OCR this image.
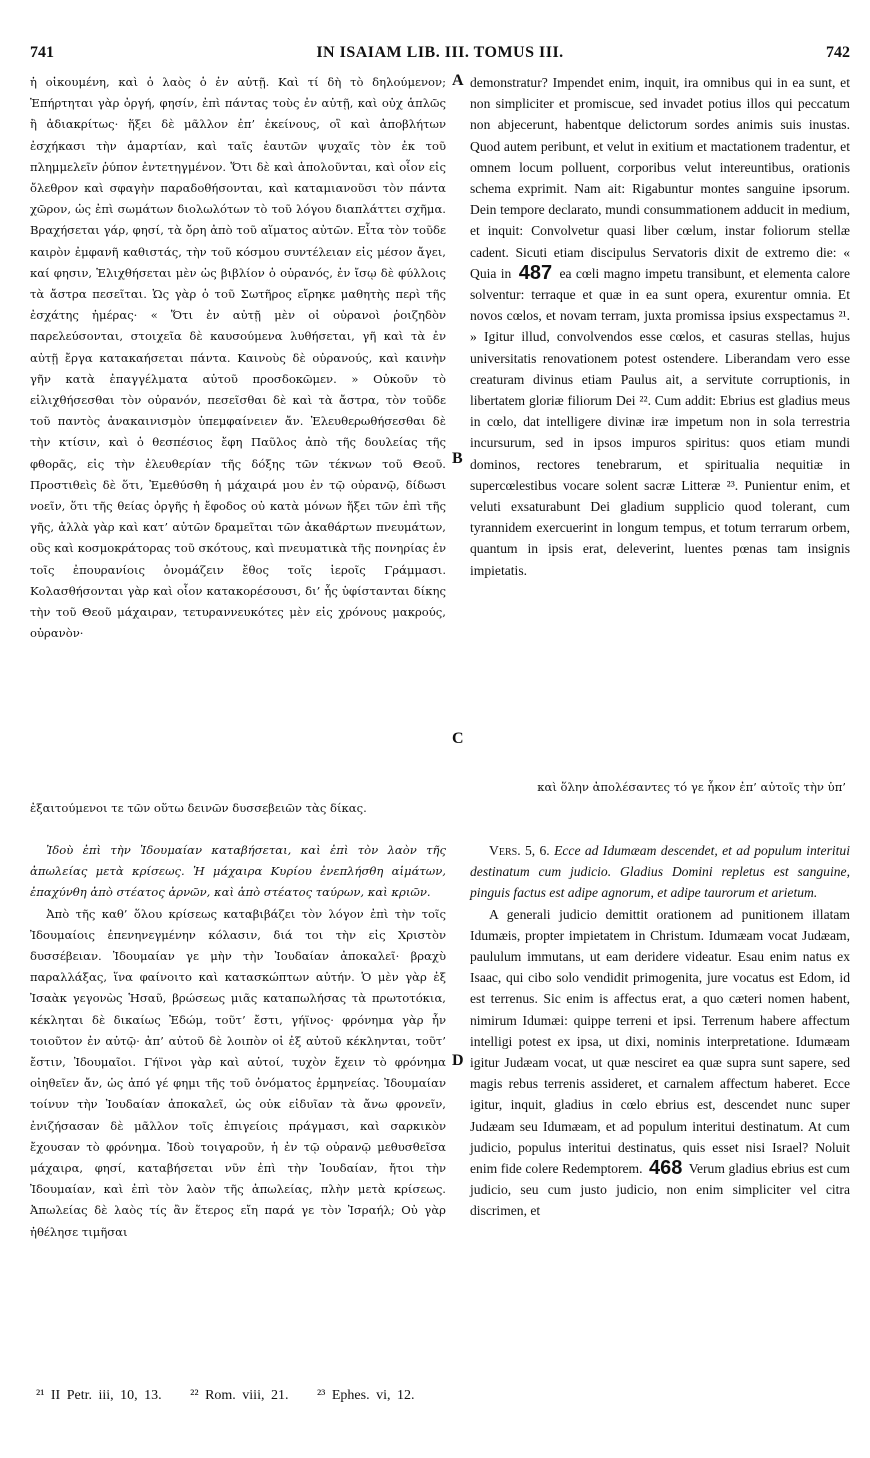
741	IN ISAIAM LIB. III. TOMUS III.	742

ἡ οἰκουμένη, καὶ ὁ λαὸς ὁ ἐν αὐτῇ. Καὶ τί δὴ τὸ δηλούμενον; Ἐπήρτηται γὰρ ὀργή, φησίν, ἐπὶ πάντας τοὺς ἐν αὐτῇ, καὶ οὐχ ἁπλῶς ἢ ἀδιακρίτως· ἥξει δὲ μᾶλλον ἐπ’ ἐκείνους, οἳ καὶ ἀποβλήτων ἐσχήκασι τὴν ἁμαρτίαν, καὶ ταῖς ἑαυτῶν ψυχαῖς τὸν ἐκ τοῦ πλημμελεῖν ῥύπον ἐντετηγμένον. Ὅτι δὲ καὶ ἀπολοῦνται, καὶ οἷον εἰς ὄλεθρον καὶ σφαγὴν παραδοθήσονται, καὶ καταμιανοῦσι τὸν πάντα χῶρον, ὡς ἐπὶ σωμάτων διολωλότων τὸ τοῦ λόγου διαπλάττει σχῆμα. Βραχήσεται γάρ, φησί, τὰ ὄρη ἀπὸ τοῦ αἵματος αὐτῶν. Εἶτα τὸν τοῦδε καιρὸν ἐμφανῆ καθιστάς, τὴν τοῦ κόσμου συντέλειαν εἰς μέσον ἄγει, καί φησιν, Ἑλιχθήσεται μὲν ὡς βιβλίον ὁ οὐρανός, ἐν ἴσῳ δὲ φύλλοις τὰ ἄστρα πεσεῖται. Ὡς γὰρ ὁ τοῦ Σωτῆρος εἴρηκε μαθητὴς περὶ τῆς ἐσχάτης ἡμέρας· « Ὅτι ἐν αὐτῇ μὲν οἱ οὐρανοὶ ῥοιζηδὸν παρελεύσονται, στοιχεῖα δὲ καυσούμενα λυθήσεται, γῆ καὶ τὰ ἐν αὐτῇ ἔργα κατακαήσεται πάντα. Καινοὺς δὲ οὐρανούς, καὶ καινὴν γῆν κατὰ ἐπαγγέλματα αὐτοῦ προσδοκῶμεν. » Οὐκοῦν τὸ εἰλιχθήσεσθαι τὸν οὐρανόν, πεσεῖσθαι δὲ καὶ τὰ ἄστρα, τὸν τοῦδε τοῦ παντὸς ἀνακαινισμὸν ὑπεμφαίνειεν ἄν. Ἐλευθερωθήσεσθαι δὲ τὴν κτίσιν, καὶ ὁ θεσπέσιος ἔφη Παῦλος ἀπὸ τῆς δουλείας τῆς φθορᾶς, εἰς τὴν ἐλευθερίαν τῆς δόξης τῶν τέκνων τοῦ Θεοῦ. Προστιθεὶς δὲ ὅτι, Ἐμεθύσθη ἡ μάχαιρά μου ἐν τῷ οὐρανῷ, δίδωσι νοεῖν, ὅτι τῆς θείας ὀργῆς ἡ ἔφοδος οὐ κατὰ μόνων ἥξει τῶν ἐπὶ τῆς γῆς, ἀλλὰ γὰρ καὶ κατ’ αὐτῶν δραμεῖται τῶν ἀκαθάρτων πνευμάτων, οὓς καὶ κοσμοκράτορας τοῦ σκότους, καὶ πνευματικὰ τῆς πονηρίας ἐν τοῖς ἐπουρανίοις ὀνομάζειν ἔθος τοῖς ἱεροῖς Γράμμασι. Κολασθήσονται γὰρ καὶ οἷον κατακορέσουσι, δι’ ἧς ὑφίστανται δίκης τὴν τοῦ Θεοῦ μάχαιραν, τετυραννευκότες μὲν εἰς χρόνους μακρούς, οὐρανὸν·

A
B
C
D

demonstratur? Impendet enim, inquit, ira omnibus qui in ea sunt, et non simpliciter et promiscue, sed invadet potius illos qui peccatum non abjecerunt, habentque delictorum sordes animis suis inustas. Quod autem peribunt, et velut in exitium et mactationem tradentur, et omnem locum polluent, corporibus velut intereuntibus, orationis schema exprimit. Nam ait: Rigabuntur montes sanguine ipsorum. Dein tempore declarato, mundi consummationem adducit in medium, et inquit: Convolvetur quasi liber cœlum, instar foliorum stellæ cadent. Sicuti etiam discipulus Servatoris dixit de extremo die: « Quia in 487 ea cœli magno impetu transibunt, et elementa calore solventur: terraque et quæ in ea sunt opera, exurentur omnia. Et novos cœlos, et novam terram, juxta promissa ipsius exspectamus ²¹. » Igitur illud, convolvendos esse cœlos, et casuras stellas, hujus universitatis renovationem potest ostendere. Liberandam vero esse creaturam divinus etiam Paulus ait, a servitute corruptionis, in libertatem gloriæ filiorum Dei ²². Cum addit: Ebrius est gladius meus in cœlo, dat intelligere divinæ iræ impetum non in sola terrestria incursurum, sed in ipsos impuros spiritus: quos etiam mundi dominos, rectores tenebrarum, et spiritualia nequitiæ in supercœlestibus vocare solent sacræ Litteræ ²³. Punientur enim, et veluti exsaturabunt Dei gladium supplicio quod tolerant, cum tyrannidem exercuerint in longum tempus, et totum terrarum orbem, quantum in ipsis erat, deleverint, luentes pœnas tam insignis impietatis.

καὶ ὅλην ἀπολέσαντες τό γε ἧκον ἐπ’ αὐτοῖς τὴν ὑπ’
ἐξαιτούμενοι τε τῶν οὕτω δεινῶν δυσσεβειῶν τὰς δίκας.

Ἰδοὺ ἐπὶ τὴν Ἰδουμαίαν καταβήσεται, καὶ ἐπὶ τὸν λαὸν τῆς ἀπωλείας μετὰ κρίσεως. Ἡ μάχαιρα Κυρίου ἐνεπλήσθη αἱμάτων, ἐπαχύνθη ἀπὸ στέατος ἀρνῶν, καὶ ἀπὸ στέατος ταύρων, καὶ κριῶν.

Ἀπὸ τῆς καθ’ ὅλου κρίσεως καταβιβάζει τὸν λόγον ἐπὶ τὴν τοῖς Ἰδουμαίοις ἐπενηνεγμένην κόλασιν, διά τοι τὴν εἰς Χριστὸν δυσσέβειαν. Ἰδουμαίαν γε μὴν τὴν Ἰουδαίαν ἀποκαλεῖ· βραχὺ παραλλάξας, ἵνα φαίνοιτο καὶ κατασκώπτων αὐτήν. Ὁ μὲν γὰρ ἐξ Ἰσαὰκ γεγονὼς Ἡσαῦ, βρώσεως μιᾶς καταπωλήσας τὰ πρωτοτόκια, κέκληται δὲ δικαίως Ἐδώμ, τοῦτ’ ἔστι, γήϊνος· φρόνημα γὰρ ἦν τοιοῦτον ἐν αὐτῷ· ἀπ’ αὐτοῦ δὲ λοιπὸν οἱ ἐξ αὐτοῦ κέκληνται, τοῦτ’ ἔστιν, Ἰδουμαῖοι. Γήϊνοι γὰρ καὶ αὐτοί, τυχὸν ἔχειν τὸ φρόνημα οἰηθεῖεν ἄν, ὡς ἀπό γέ φημι τῆς τοῦ ὀνόματος ἑρμηνείας. Ἰδουμαίαν τοίνυν τὴν Ἰουδαίαν ἀποκαλεῖ, ὡς οὐκ εἰδυῖαν τὰ ἄνω φρονεῖν, ἐνιζήσασαν δὲ μᾶλλον τοῖς ἐπιγείοις πράγμασι, καὶ σαρκικὸν ἔχουσαν τὸ φρόνημα. Ἰδοὺ τοιγαροῦν, ἡ ἐν τῷ οὐρανῷ μεθυσθεῖσα μάχαιρα, φησί, καταβήσεται νῦν ἐπὶ τὴν Ἰουδαίαν, ἤτοι τὴν Ἰδουμαίαν, καὶ ἐπὶ τὸν λαὸν τῆς ἀπωλείας, πλὴν μετὰ κρίσεως. Ἀπωλείας δὲ λαὸς τίς ἂν ἕτερος εἴη παρά γε τὸν Ἰσραήλ; Οὐ γὰρ ἠθέλησε τιμῆσαι

Vers. 5, 6. Ecce ad Idumæam descendet, et ad populum interitui destinatum cum judicio. Gladius Domini repletus est sanguine, pinguis factus est adipe agnorum, et adipe taurorum et arietum.

A generali judicio demittit orationem ad punitionem illatam Idumæis, propter impietatem in Christum. Idumæam vocat Judæam, paululum immutans, ut eam deridere videatur. Esau enim natus ex Isaac, qui cibo solo vendidit primogenita, jure vocatus est Edom, id est terrenus. Sic enim is affectus erat, a quo cæteri nomen habent, nimirum Idumæi: quippe terreni et ipsi. Terrenum habere affectum intelligi potest ex ipsa, ut dixi, nominis interpretatione. Idumæam igitur Judæam vocat, ut quæ nesciret ea quæ supra sunt sapere, sed magis rebus terrenis assideret, et carnalem affectum haberet. Ecce igitur, inquit, gladius in cœlo ebrius est, descendet nunc super Judæam seu Idumæam, et ad populum interitui destinatum. At cum judicio, populus interitui destinatus, quis esset nisi Israel? Noluit enim fide colere Redemptorem. 468 Verum gladius ebrius est cum judicio, seu cum justo judicio, non enim simpliciter vel citra discrimen, et

²¹ II Petr. iii, 10, 13. ²² Rom. viii, 21. ²³ Ephes. vi, 12.
